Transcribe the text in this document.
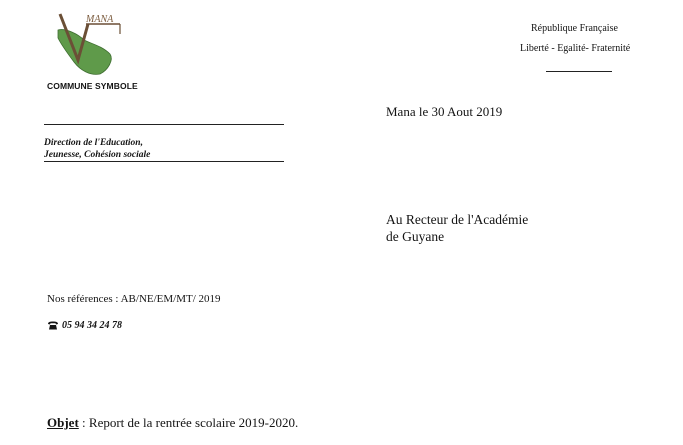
MANA
COMMUNE SYMBOLE
Direction de l'Education,
Jeunesse, Cohésion sociale
République Française
Liberté - Egalité- Fraternité
Mana le 30 Aout 2019
Au Recteur de l'Académie
de Guyane
Nos références : AB/NE/EM/MT/ 2019
05 94 34 24 78
Objet : Report de la rentrée scolaire 2019-2020.
